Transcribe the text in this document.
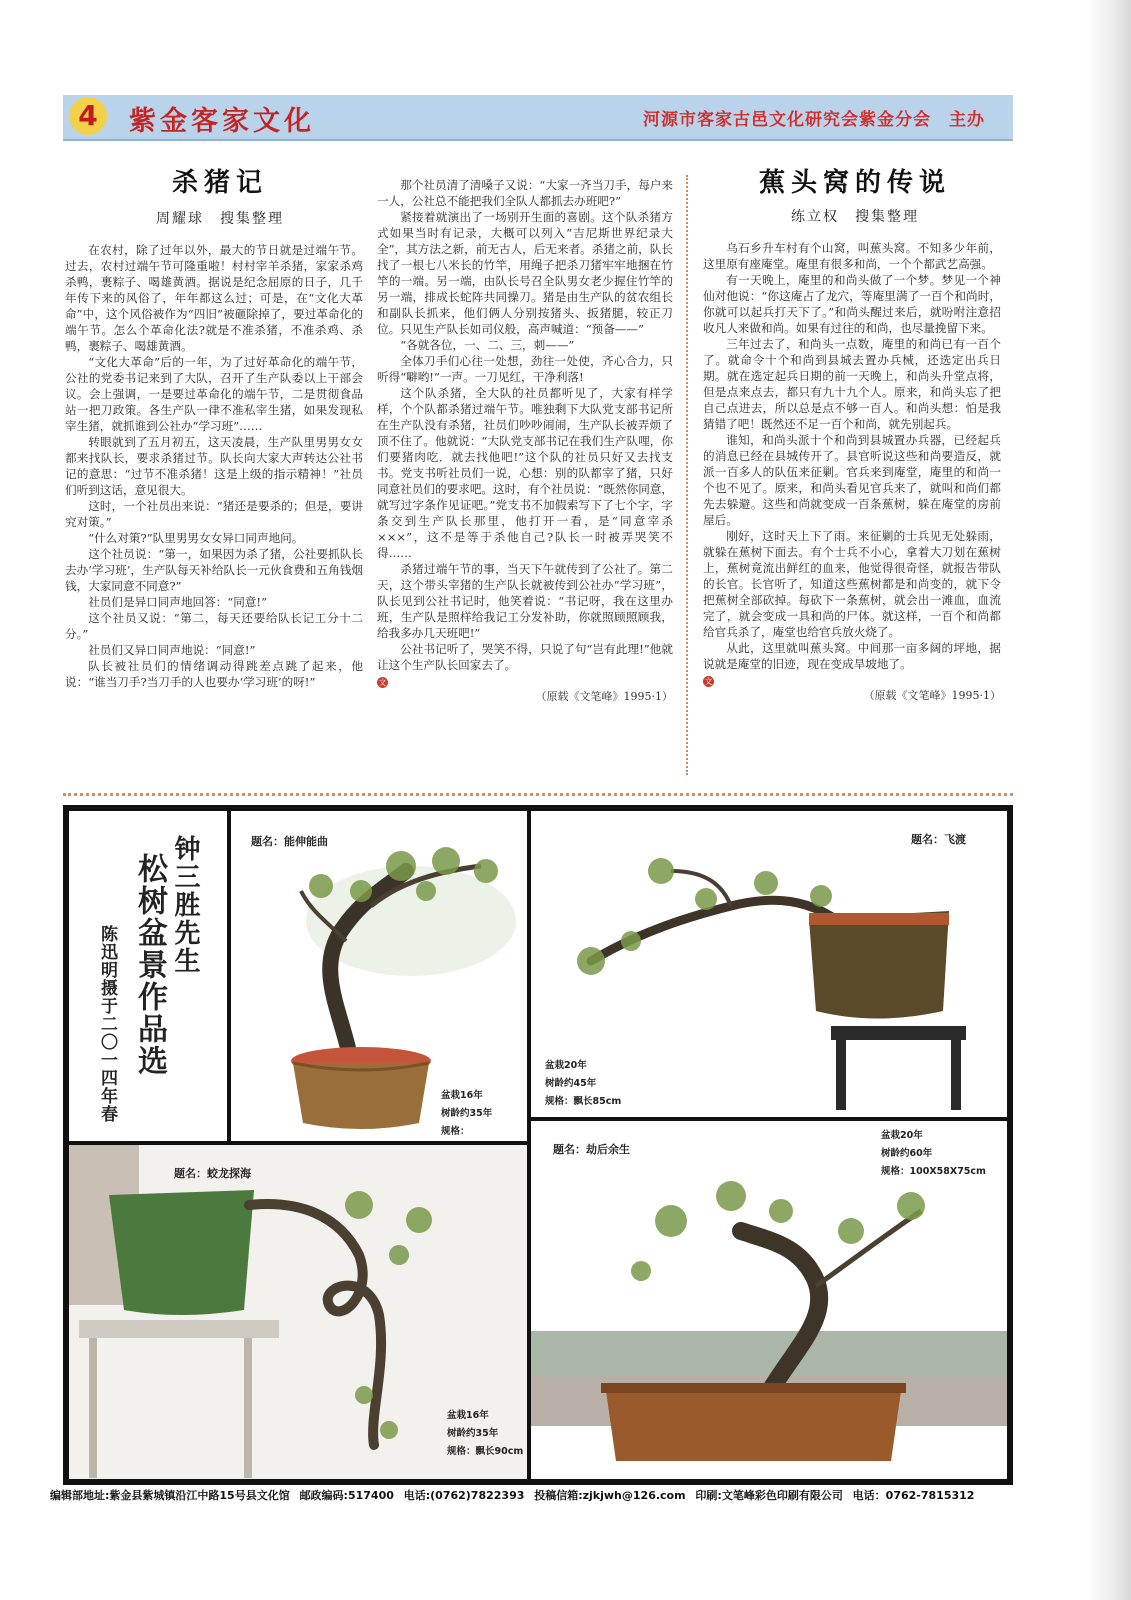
4	紫金客家文化	河源市客家古邑文化研究会紫金分会　主办
杀猪记
周耀球　搜集整理

在农村，除了过年以外，最大的节日就是过端午节。过去，农村过端午节可隆重啦！村村宰羊杀猪，家家杀鸡杀鸭，裹粽子、喝雄黄酒。据说是纪念屈原的日子，几千年传下来的风俗了，年年都这么过；可是，在“文化大革命”中，这个风俗被作为“四旧”被砸除掉了，要过革命化的端午节。怎么个革命化法?就是不准杀猪，不准杀鸡、杀鸭，裹粽子、喝雄黄酒。

“文化大革命”后的一年，为了过好革命化的端午节，公社的党委书记来到了大队，召开了生产队委以上干部会议。会上强调，一是要过革命化的端午节，二是贯彻食品站一把刀政策。各生产队一律不准私宰生猪，如果发现私宰生猪，就抓谁到公社办“学习班”……

转眼就到了五月初五，这天凌晨，生产队里男男女女都来找队长，要求杀猪过节。队长向大家大声转达公社书记的意思：“过节不准杀猪！这是上级的指示精神！”社员们听到这话，意见很大。

这时，一个社员出来说：“猪还是要杀的；但是，要讲究对策。”

“什么对策?”队里男男女女异口同声地问。

这个社员说：“第一，如果因为杀了猪，公社要抓队长去办‘学习班’，生产队每天补给队长一元伙食费和五角钱烟钱，大家同意不同意?”

社员们是异口同声地回答：“同意!”

这个社员又说：“第二，每天还要给队长记工分十二分。”

社员们又异口同声地说：“同意!”

队长被社员们的情绪调动得跳差点跳了起来，他说：“谁当刀手?当刀手的人也要办‘学习班’的呀!”

那个社员清了清嗓子又说：“大家一齐当刀手，每户来一人，公社总不能把我们全队人都抓去办班吧?”

紧接着就演出了一场别开生面的喜剧。这个队杀猪方式如果当时有记录，大概可以列入“吉尼斯世界纪录大全”，其方法之新，前无古人，后无来者。杀猪之前，队长找了一根七八米长的竹竿，用绳子把杀刀猪牢牢地捆在竹竿的一端。另一端，由队长号召全队男女老少握住竹竿的另一端，排成长蛇阵共同操刀。猪是由生产队的贫农组长和副队长抓来，他们俩人分别按猪头、扳猪腿，较正刀位。只见生产队长如司仪般，高声喊道：“预备——”

“各就各位，一、二、三，刺——”

全体刀手们心往一处想，劲往一处使，齐心合力，只听得“噼哟!”一声。一刀见红，干净利落!

这个队杀猪，全大队的社员都听见了，大家有样学样，个个队都杀猪过端午节。唯独剩下大队党支部书记所在生产队没有杀猪，社员们吵吵闹闹，生产队长被弄烦了顶不住了。他就说：“大队党支部书记在我们生产队哩，你们要猪肉吃．就去找他吧!”这个队的社员只好又去找支书。党支书听社员们一说，心想：别的队都宰了猪，只好同意社员们的要求吧。这时，有个社员说：“既然你同意，就写过字条作见证吧。”党支书不加假索写下了七个字，字条交到生产队长那里，他打开一看，是“同意宰杀×××”，这不是等于杀他自己?队长一时被弄哭笑不得……

杀猪过端午节的事，当天下午就传到了公社了。第二天，这个带头宰猪的生产队长就被传到公社办“学习班”，队长见到公社书记时，他笑着说：“书记呀，我在这里办班，生产队是照样给我记工分发补助，你就照顾照顾我，给我多办几天班吧!”

公社书记听了，哭笑不得，只说了句“岂有此理!”他就让这个生产队长回家去了。

文
（原载《文笔峰》1995·1）
蕉头窝的传说
练立权　搜集整理

乌石乡升车村有个山窝，叫蕉头窝。不知多少年前，这里原有座庵堂。庵里有很多和尚，一个个都武艺高强。

有一天晚上，庵里的和尚头做了一个梦。梦见一个神仙对他说：“你这庵占了龙穴，等庵里满了一百个和尚时，你就可以起兵打天下了。”和尚头醒过来后，就吩咐注意招收凡人来做和尚。如果有过往的和尚，也尽量挽留下来。

三年过去了，和尚头一点数，庵里的和尚已有一百个了。就命令十个和尚到县城去置办兵械，还选定出兵日期。就在选定起兵日期的前一天晚上，和尚头升堂点将，但是点来点去，都只有九十九个人。原来，和尚头忘了把自己点进去，所以总是点不够一百人。和尚头想：怕是我猜错了吧！既然还不足一百个和尚，就先别起兵。

谁知，和尚头派十个和尚到县城置办兵器，已经起兵的消息已经在县城传开了。县官听说这些和尚要造反，就派一百多人的队伍来征剿。官兵来到庵堂，庵里的和尚一个也不见了。原来，和尚头看见官兵来了，就叫和尚们都先去躲避。这些和尚就变成一百条蕉树，躲在庵堂的房前屋后。

刚好，这时天上下了雨。来征剿的士兵见无处躲雨，就躲在蕉树下面去。有个士兵不小心，拿着大刀划在蕉树上，蕉树竟流出鲜红的血来，他觉得很奇怪，就报告带队的长官。长官听了，知道这些蕉树都是和尚变的，就下令把蕉树全部砍掉。每砍下一条蕉树，就会出一滩血，血流完了，就会变成一具和尚的尸体。就这样，一百个和尚都给官兵杀了，庵堂也给官兵放火烧了。

从此，这里就叫蕉头窝。中间那一亩多阔的坪地，据说就是庵堂的旧迹，现在变成旱坡地了。

文
（原载《文笔峰》1995·1）
钟三胜先生
松树盆景作品选
陈迅明摄于二〇一四年春
题名：能伸能曲
盆栽16年
树龄约35年
规格：
题名：飞渡
盆栽20年
树龄约45年
规格：飘长85cm
题名：蛟龙探海
盆栽16年
树龄约35年
规格：飘长90cm
题名：劫后余生
盆栽20年
树龄约60年
规格：100X58X75cm
编辑部地址:紫金县紫城镇沿江中路15号县文化馆 邮政编码:517400 电话:(0762)7822393 投稿信箱:zjkjwh@126.com 印刷:文笔峰彩色印刷有限公司 电话：0762-7815312
